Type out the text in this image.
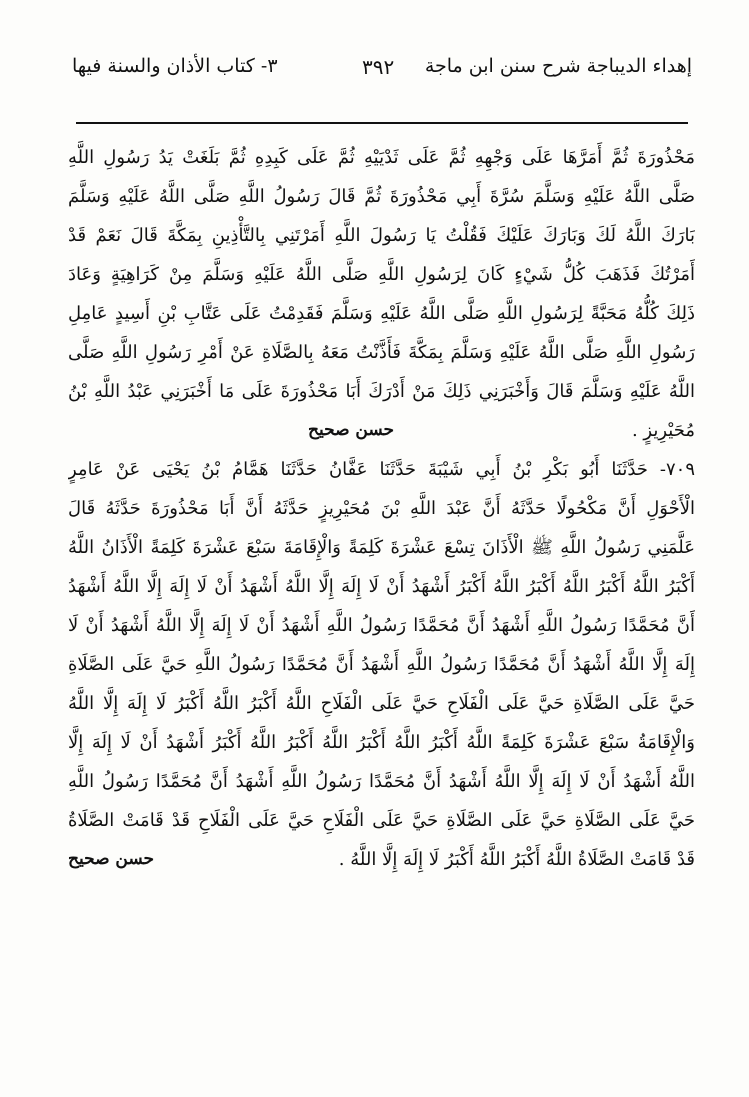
إهداء الديباجة شرح سنن ابن ماجة
٣٩٢
٣- كتاب الأذان والسنة فيها
مَحْذُورَةَ ثُمَّ أَمَرَّهَا عَلَى وَجْهِهِ ثُمَّ عَلَى ثَدْيَيْهِ ثُمَّ عَلَى كَبِدِهِ ثُمَّ بَلَغَتْ يَدُ رَسُولِ اللَّهِ
صَلَّى اللَّهُ عَلَيْهِ وَسَلَّمَ سُرَّةَ أَبِي مَحْذُورَةَ ثُمَّ قَالَ رَسُولُ اللَّهِ صَلَّى اللَّهُ عَلَيْهِ وَسَلَّمَ
بَارَكَ اللَّهُ لَكَ وَبَارَكَ عَلَيْكَ فَقُلْتُ يَا رَسُولَ اللَّهِ أَمَرْتَنِي بِالتَّأْذِينِ بِمَكَّةَ قَالَ نَعَمْ قَدْ
أَمَرْتُكَ فَذَهَبَ كُلُّ شَيْءٍ كَانَ لِرَسُولِ اللَّهِ صَلَّى اللَّهُ عَلَيْهِ وَسَلَّمَ مِنْ كَرَاهِيَةٍ وَعَادَ
ذَلِكَ كُلُّهُ مَحَبَّةً لِرَسُولِ اللَّهِ صَلَّى اللَّهُ عَلَيْهِ وَسَلَّمَ فَقَدِمْتُ عَلَى عَتَّابِ بْنِ أَسِيدٍ عَامِلِ
رَسُولِ اللَّهِ صَلَّى اللَّهُ عَلَيْهِ وَسَلَّمَ بِمَكَّةَ فَأَذَّنْتُ مَعَهُ بِالصَّلَاةِ عَنْ أَمْرِ رَسُولِ اللَّهِ صَلَّى
اللَّهُ عَلَيْهِ وَسَلَّمَ قَالَ وَأَخْبَرَنِي ذَلِكَ مَنْ أَدْرَكَ أَبَا مَحْذُورَةَ عَلَى مَا أَخْبَرَنِي عَبْدُ اللَّهِ بْنُ
مُحَيْرِيزٍ .
حسن صحيح
٧٠٩- حَدَّثَنَا أَبُو بَكْرِ بْنُ أَبِي شَيْبَةَ حَدَّثَنَا عَفَّانُ حَدَّثَنَا هَمَّامُ بْنُ يَحْيَى عَنْ عَامِرٍ
الْأَحْوَلِ أَنَّ مَكْحُولًا حَدَّثَهُ أَنَّ عَبْدَ اللَّهِ بْنَ مُحَيْرِيزٍ حَدَّثَهُ أَنَّ أَبَا مَحْذُورَةَ حَدَّثَهُ قَالَ
عَلَّمَنِي رَسُولُ اللَّهِ ﷺ الْأَذَانَ تِسْعَ عَشْرَةَ كَلِمَةً وَالْإِقَامَةَ سَبْعَ عَشْرَةَ كَلِمَةً الْأَذَانُ اللَّهُ
أَكْبَرُ اللَّهُ أَكْبَرُ اللَّهُ أَكْبَرُ اللَّهُ أَكْبَرُ أَشْهَدُ أَنْ لَا إِلَهَ إِلَّا اللَّهُ أَشْهَدُ أَنْ لَا إِلَهَ إِلَّا اللَّهُ أَشْهَدُ
أَنَّ مُحَمَّدًا رَسُولُ اللَّهِ أَشْهَدُ أَنَّ مُحَمَّدًا رَسُولُ اللَّهِ أَشْهَدُ أَنْ لَا إِلَهَ إِلَّا اللَّهُ أَشْهَدُ أَنْ لَا
إِلَهَ إِلَّا اللَّهُ أَشْهَدُ أَنَّ مُحَمَّدًا رَسُولُ اللَّهِ أَشْهَدُ أَنَّ مُحَمَّدًا رَسُولُ اللَّهِ حَيَّ عَلَى الصَّلَاةِ
حَيَّ عَلَى الصَّلَاةِ حَيَّ عَلَى الْفَلَاحِ حَيَّ عَلَى الْفَلَاحِ اللَّهُ أَكْبَرُ اللَّهُ أَكْبَرُ لَا إِلَهَ إِلَّا اللَّهُ
وَالْإِقَامَةُ سَبْعَ عَشْرَةَ كَلِمَةً اللَّهُ أَكْبَرُ اللَّهُ أَكْبَرُ اللَّهُ أَكْبَرُ اللَّهُ أَكْبَرُ أَشْهَدُ أَنْ لَا إِلَهَ إِلَّا
اللَّهُ أَشْهَدُ أَنْ لَا إِلَهَ إِلَّا اللَّهُ أَشْهَدُ أَنَّ مُحَمَّدًا رَسُولُ اللَّهِ أَشْهَدُ أَنَّ مُحَمَّدًا رَسُولُ اللَّهِ
حَيَّ عَلَى الصَّلَاةِ حَيَّ عَلَى الصَّلَاةِ حَيَّ عَلَى الْفَلَاحِ حَيَّ عَلَى الْفَلَاحِ قَدْ قَامَتْ الصَّلَاةُ
قَدْ قَامَتْ الصَّلَاةُ اللَّهُ أَكْبَرُ اللَّهُ أَكْبَرُ لَا إِلَهَ إِلَّا اللَّهُ .
حسن صحيح
